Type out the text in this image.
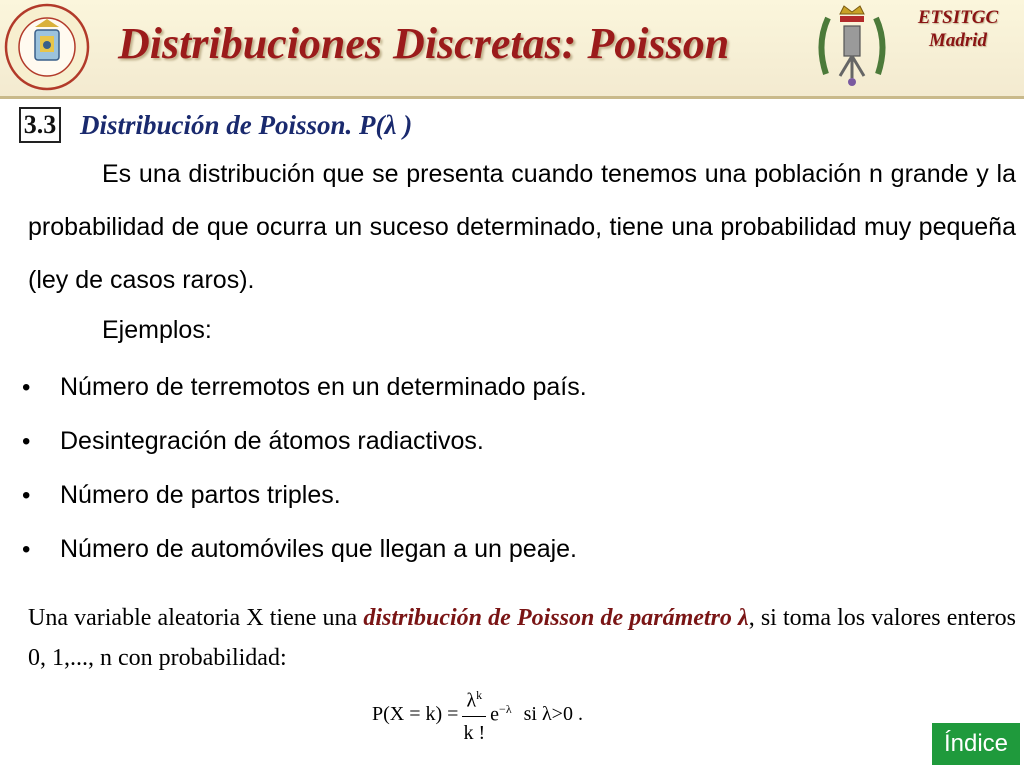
Distribuciones Discretas: Poisson
ETSITGC
Madrid
3.3 Distribución de Poisson. P(λ )

Es una distribución que se presenta cuando tenemos una población n grande y la probabilidad de que ocurra un suceso determinado, tiene una probabilidad muy pequeña (ley de casos raros).

Ejemplos:
• Número de terremotos en un determinado país.
• Desintegración de átomos radiactivos.
• Número de partos triples.
• Número de automóviles que llegan a un peaje.

Una variable aleatoria X tiene una distribución de Poisson de parámetro λ, si toma los valores enteros 0, 1,..., n con probabilidad:

$P(X = k) = \frac{\lambda^k}{k !} e^{-\lambda}$ si λ>0 .
Índice
